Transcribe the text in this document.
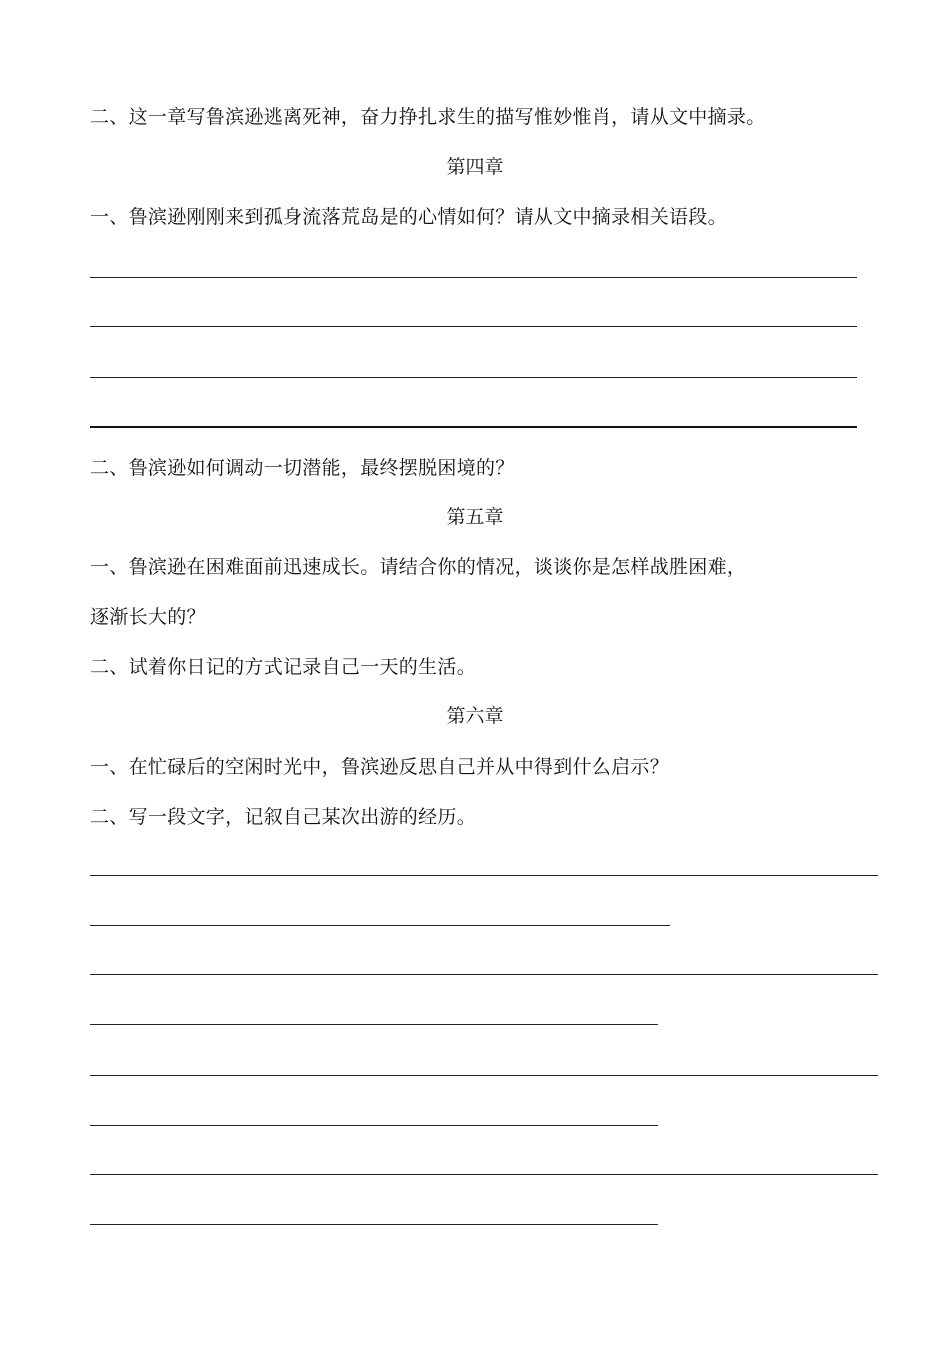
二、这一章写鲁滨逊逃离死神，奋力挣扎求生的描写惟妙惟肖，请从文中摘录。
第四章
一、鲁滨逊刚刚来到孤身流落荒岛是的心情如何？请从文中摘录相关语段。
二、鲁滨逊如何调动一切潜能，最终摆脱困境的？
第五章
一、鲁滨逊在困难面前迅速成长。请结合你的情况，谈谈你是怎样战胜困难，
逐渐长大的？
二、试着你日记的方式记录自己一天的生活。
第六章
一、在忙碌后的空闲时光中，鲁滨逊反思自己并从中得到什么启示？
二、写一段文字，记叙自己某次出游的经历。
